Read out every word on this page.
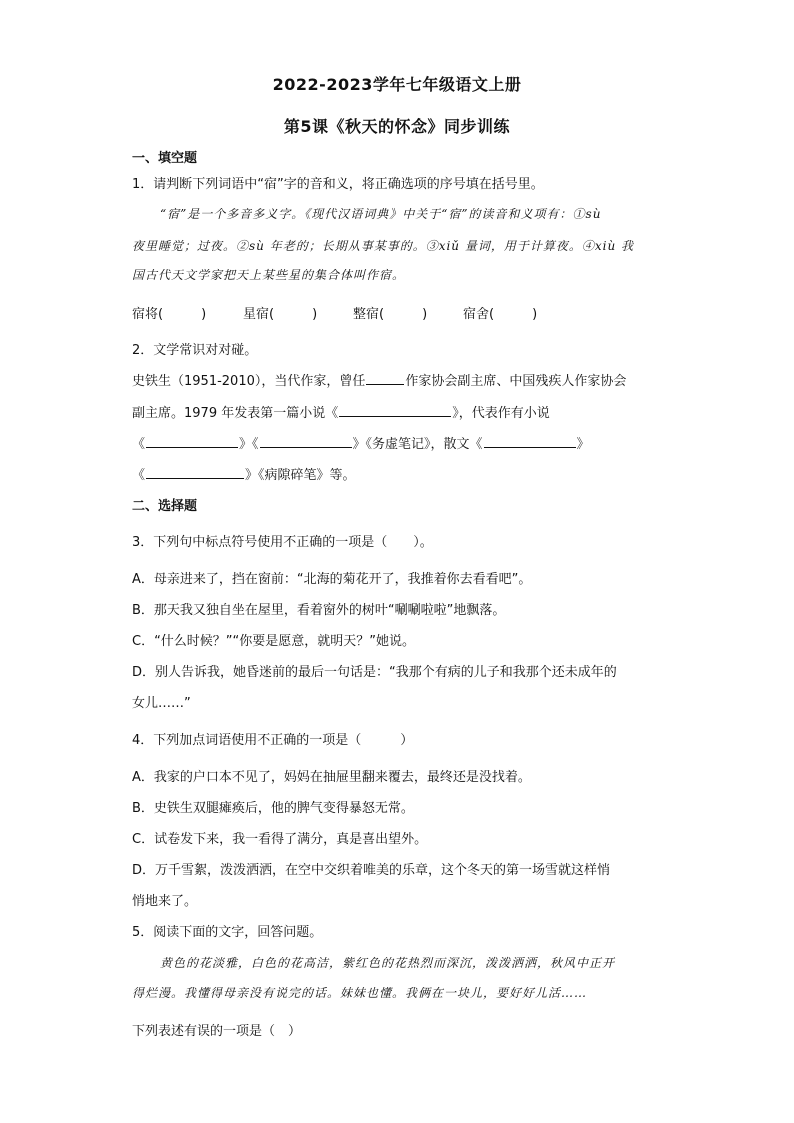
2022-2023学年七年级语文上册
第5课《秋天的怀念》同步训练
一、填空题
1．请判断下列词语中“宿”字的音和义，将正确选项的序号填在括号里。
“宿”是一个多音多义字。《现代汉语词典》中关于“宿”的读音和义项有：①sù
夜里睡觉；过夜。②sù 年老的；长期从事某事的。③xiǔ 量词，用于计算夜。④xiù 我
国古代天文学家把天上某些星的集合体叫作宿。
宿将(	)	星宿(	)	整宿(	)	宿舍(	)
2．文学常识对对碰。
史铁生（1951-2010），当代作家，曾任	作家协会副主席、中国残疾人作家协会
副主席。1979 年发表第一篇小说《	》，代表作有小说
《	》《	》《务虚笔记》，散文《	》
《	》《病隙碎笔》等。
二、选择题
3．下列句中标点符号使用不正确的一项是（　　）。
A．母亲进来了，挡在窗前：“北海的菊花开了，我推着你去看看吧”。
B．那天我又独自坐在屋里，看着窗外的树叶“唰唰啦啦”地飘落。
C．“什么时候？”“你要是愿意，就明天？”她说。
D．别人告诉我，她昏迷前的最后一句话是：“我那个有病的儿子和我那个还未成年的
女儿……”
4．下列加点词语使用不正确的一项是（　　　）
A．我家的户口本不见了，妈妈在抽屉里翻来覆去，最终还是没找着。
B．史铁生双腿瘫痪后，他的脾气变得暴怒无常。
C．试卷发下来，我一看得了满分，真是喜出望外。
D．万千雪絮，泼泼洒洒，在空中交织着唯美的乐章，这个冬天的第一场雪就这样悄
悄地来了。
5．阅读下面的文字，回答问题。
黄色的花淡雅，白色的花高洁，紫红色的花热烈而深沉，泼泼洒洒，秋风中正开
得烂漫。我懂得母亲没有说完的话。妹妹也懂。我俩在一块儿，要好好儿活……
下列表述有误的一项是（　）
